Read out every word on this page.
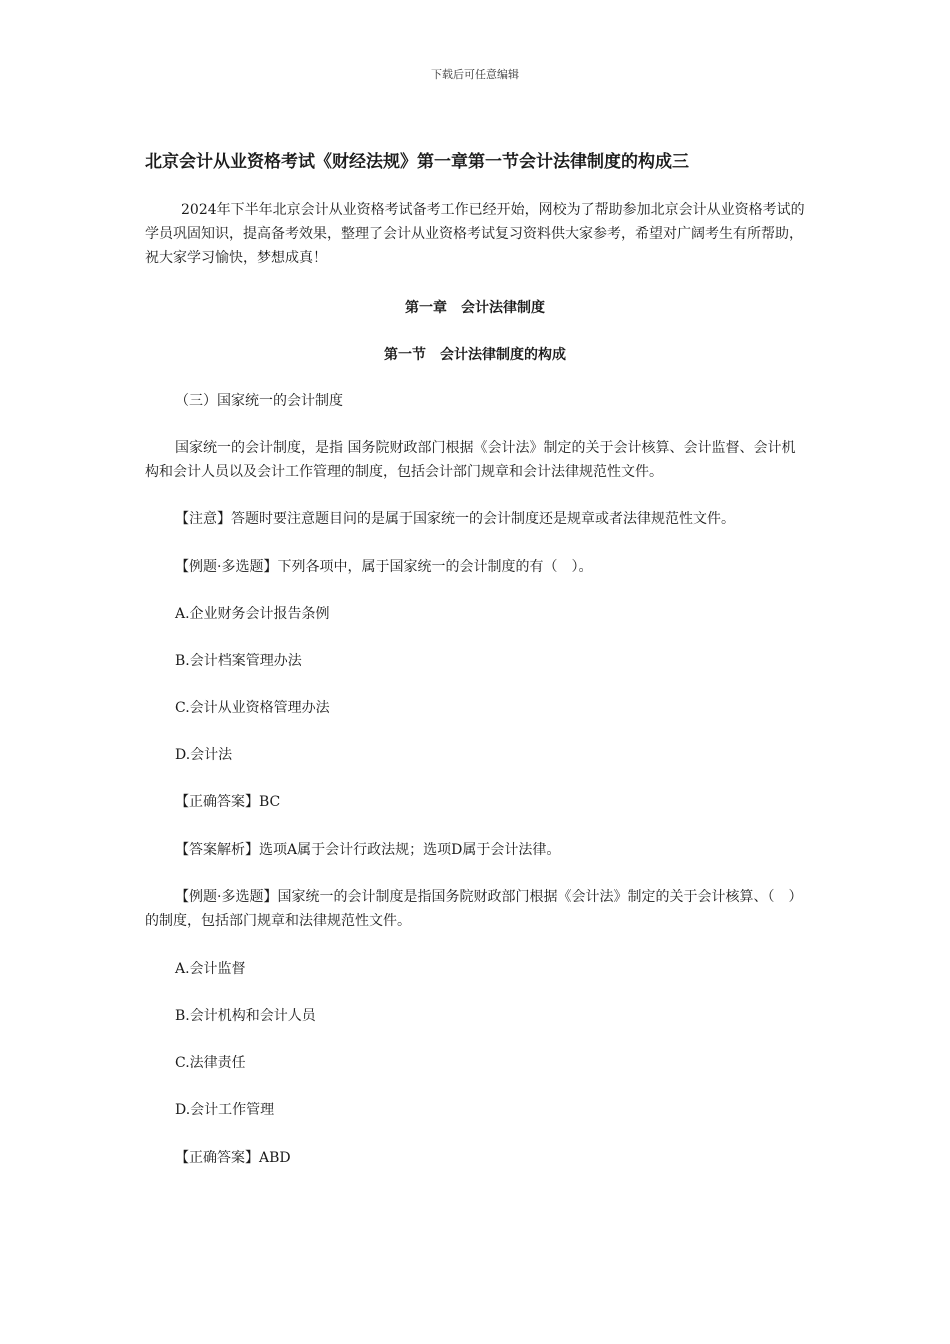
下载后可任意编辑
北京会计从业资格考试《财经法规》第一章第一节会计法律制度的构成三

2024年下半年北京会计从业资格考试备考工作已经开始，网校为了帮助参加北京会计从业资格考试的学员巩固知识，提高备考效果，整理了会计从业资格考试复习资料供大家参考，希望对广阔考生有所帮助，祝大家学习愉快，梦想成真！

第一章　会计法律制度
第一节　会计法律制度的构成

（三）国家统一的会计制度

国家统一的会计制度，是指 国务院财政部门根据《会计法》制定的关于会计核算、会计监督、会计机构和会计人员以及会计工作管理的制度，包括会计部门规章和会计法律规范性文件。

【注意】答题时要注意题目问的是属于国家统一的会计制度还是规章或者法律规范性文件。

【例题·多选题】下列各项中，属于国家统一的会计制度的有（　）。

A.企业财务会计报告条例

B.会计档案管理办法

C.会计从业资格管理办法

D.会计法

【正确答案】BC

【答案解析】选项A属于会计行政法规；选项D属于会计法律。

【例题·多选题】国家统一的会计制度是指国务院财政部门根据《会计法》制定的关于会计核算、（　）的制度，包括部门规章和法律规范性文件。

A.会计监督

B.会计机构和会计人员

C.法律责任

D.会计工作管理

【正确答案】ABD
